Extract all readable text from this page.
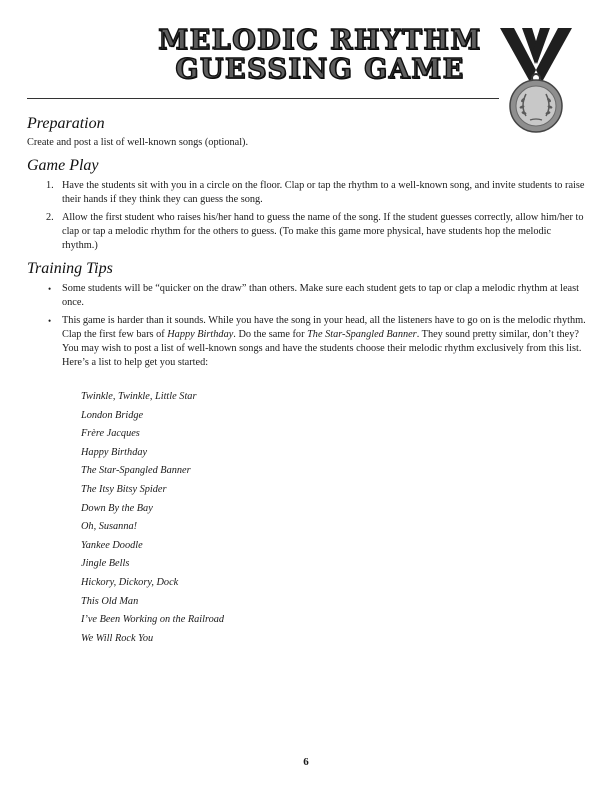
MELODIC RHYTHM
GUESSING GAME
Preparation

Create and post a list of well-known songs (optional).

Game Play
1. Have the students sit with you in a circle on the floor. Clap or tap the rhythm to a well-known song, and invite students to raise their hands if they think they can guess the song.
2. Allow the first student who raises his/her hand to guess the name of the song. If the student guesses correctly, allow him/her to clap or tap a melodic rhythm for the others to guess. (To make this game more physical, have students hop the melodic rhythm.)
Training Tips
• Some students will be “quicker on the draw” than others. Make sure each student gets to tap or clap a melodic rhythm at least once.
• This game is harder than it sounds. While you have the song in your head, all the listeners have to go on is the melodic rhythm. Clap the first few bars of Happy Birthday. Do the same for The Star-Spangled Banner. They sound pretty similar, don’t they? You may wish to post a list of well-known songs and have the students choose their melodic rhythm exclusively from this list. Here’s a list to help get you started:
Twinkle, Twinkle, Little Star
London Bridge
Frère Jacques
Happy Birthday
The Star-Spangled Banner
The Itsy Bitsy Spider
Down By the Bay
Oh, Susanna!
Yankee Doodle
Jingle Bells
Hickory, Dickory, Dock
This Old Man
I’ve Been Working on the Railroad
We Will Rock You
6
